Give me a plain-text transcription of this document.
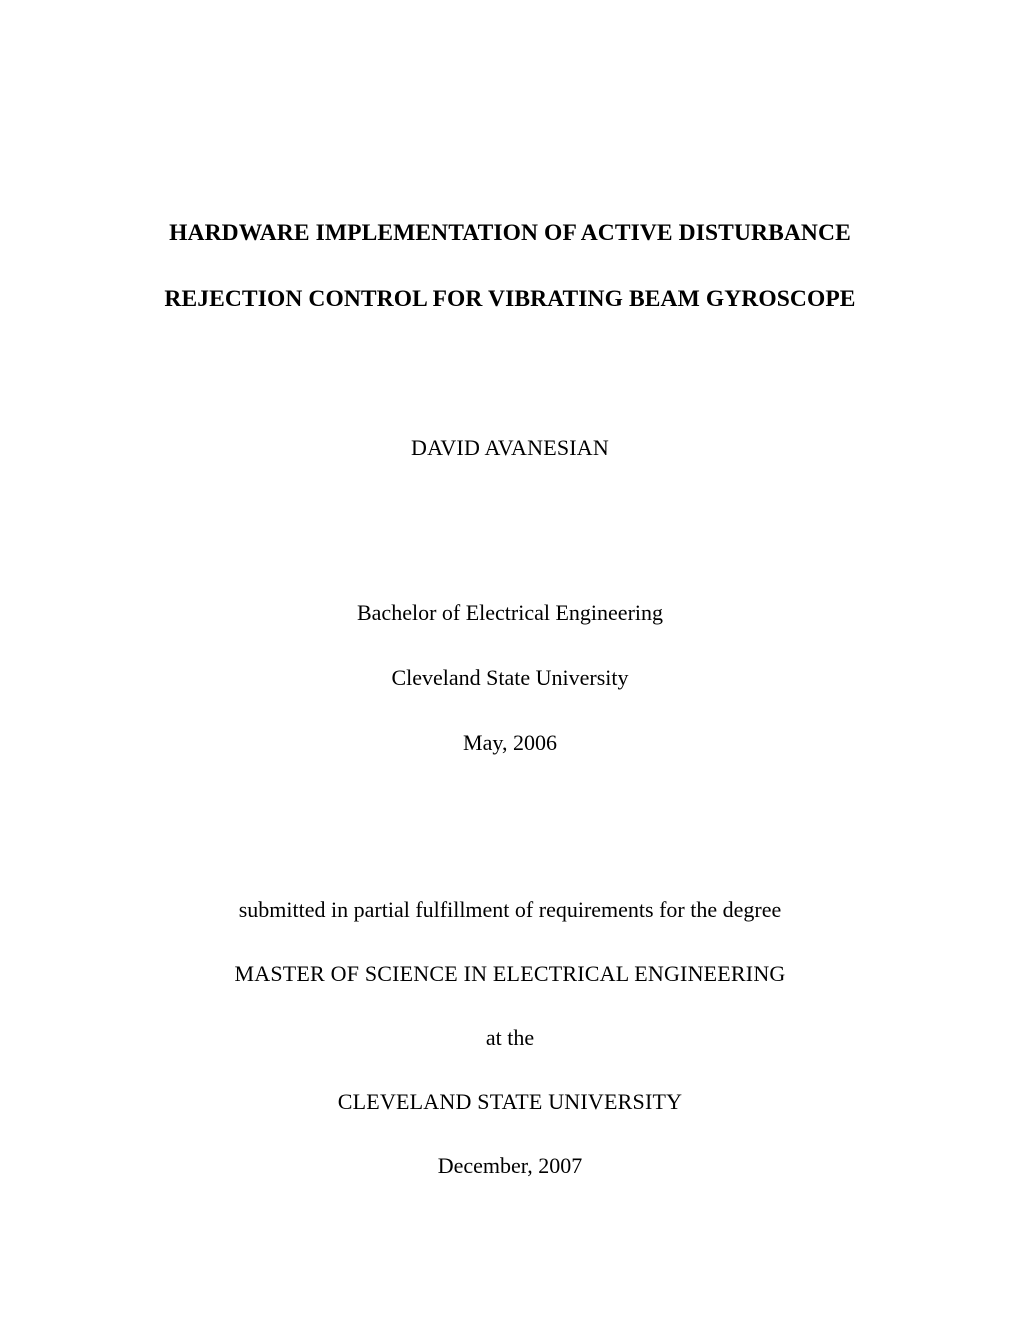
HARDWARE IMPLEMENTATION OF ACTIVE DISTURBANCE
REJECTION CONTROL FOR VIBRATING BEAM GYROSCOPE
DAVID AVANESIAN
Bachelor of Electrical Engineering
Cleveland State University
May, 2006
submitted in partial fulfillment of requirements for the degree
MASTER OF SCIENCE IN ELECTRICAL ENGINEERING
at the
CLEVELAND STATE UNIVERSITY
December, 2007
